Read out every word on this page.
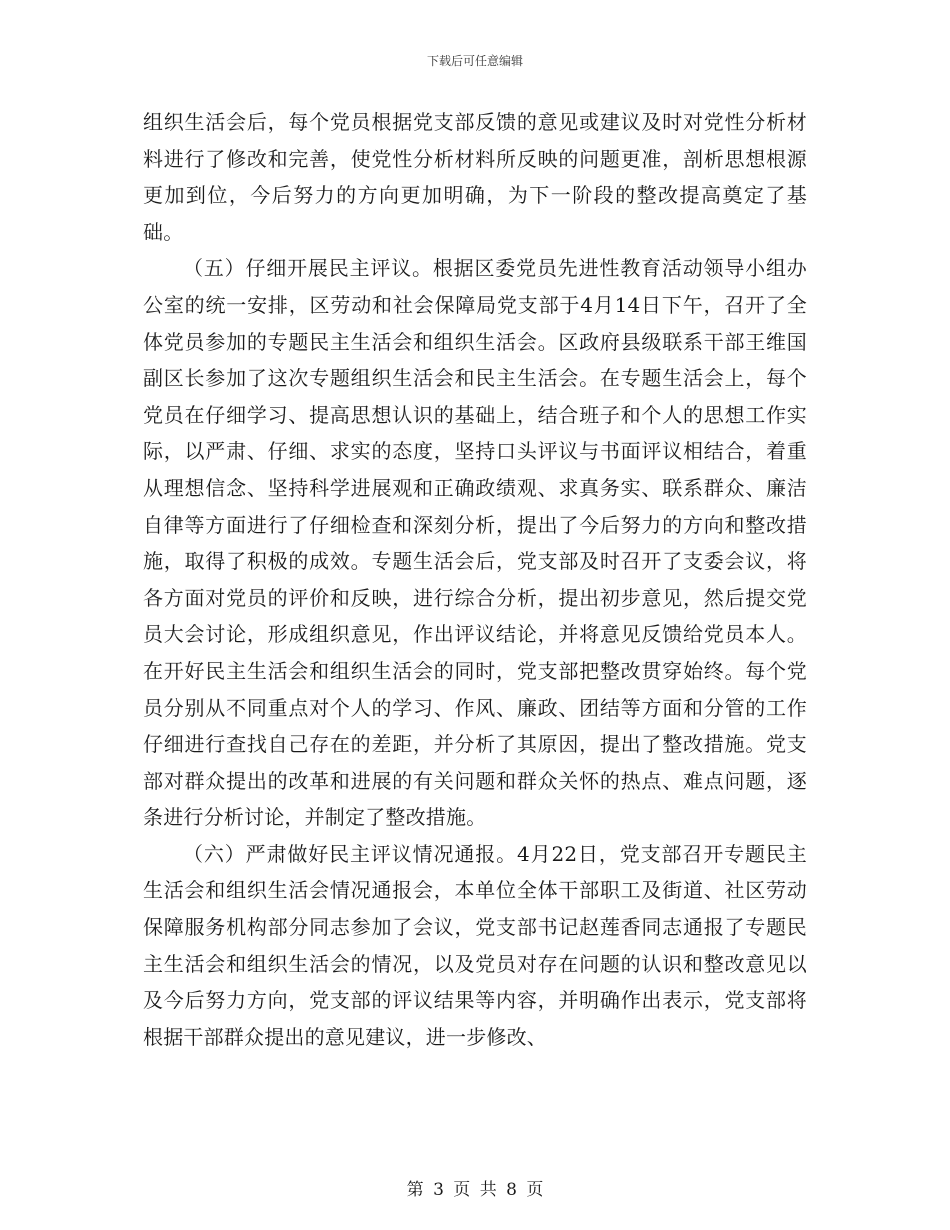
下载后可任意编辑

组织生活会后，每个党员根据党支部反馈的意见或建议及时对党性分析材料进行了修改和完善，使党性分析材料所反映的问题更准，剖析思想根源更加到位，今后努力的方向更加明确，为下一阶段的整改提高奠定了基础。

（五）仔细开展民主评议。根据区委党员先进性教育活动领导小组办公室的统一安排，区劳动和社会保障局党支部于4月14日下午，召开了全体党员参加的专题民主生活会和组织生活会。区政府县级联系干部王维国副区长参加了这次专题组织生活会和民主生活会。在专题生活会上，每个党员在仔细学习、提高思想认识的基础上，结合班子和个人的思想工作实际，以严肃、仔细、求实的态度，坚持口头评议与书面评议相结合，着重从理想信念、坚持科学进展观和正确政绩观、求真务实、联系群众、廉洁自律等方面进行了仔细检查和深刻分析，提出了今后努力的方向和整改措施，取得了积极的成效。专题生活会后，党支部及时召开了支委会议，将各方面对党员的评价和反映，进行综合分析，提出初步意见，然后提交党员大会讨论，形成组织意见，作出评议结论，并将意见反馈给党员本人。在开好民主生活会和组织生活会的同时，党支部把整改贯穿始终。每个党员分别从不同重点对个人的学习、作风、廉政、团结等方面和分管的工作仔细进行查找自己存在的差距，并分析了其原因，提出了整改措施。党支部对群众提出的改革和进展的有关问题和群众关怀的热点、难点问题，逐条进行分析讨论，并制定了整改措施。

（六）严肃做好民主评议情况通报。4月22日，党支部召开专题民主生活会和组织生活会情况通报会，本单位全体干部职工及街道、社区劳动保障服务机构部分同志参加了会议，党支部书记赵莲香同志通报了专题民主生活会和组织生活会的情况，以及党员对存在问题的认识和整改意见以及今后努力方向，党支部的评议结果等内容，并明确作出表示，党支部将根据干部群众提出的意见建议，进一步修改、

第 3 页 共 8 页
